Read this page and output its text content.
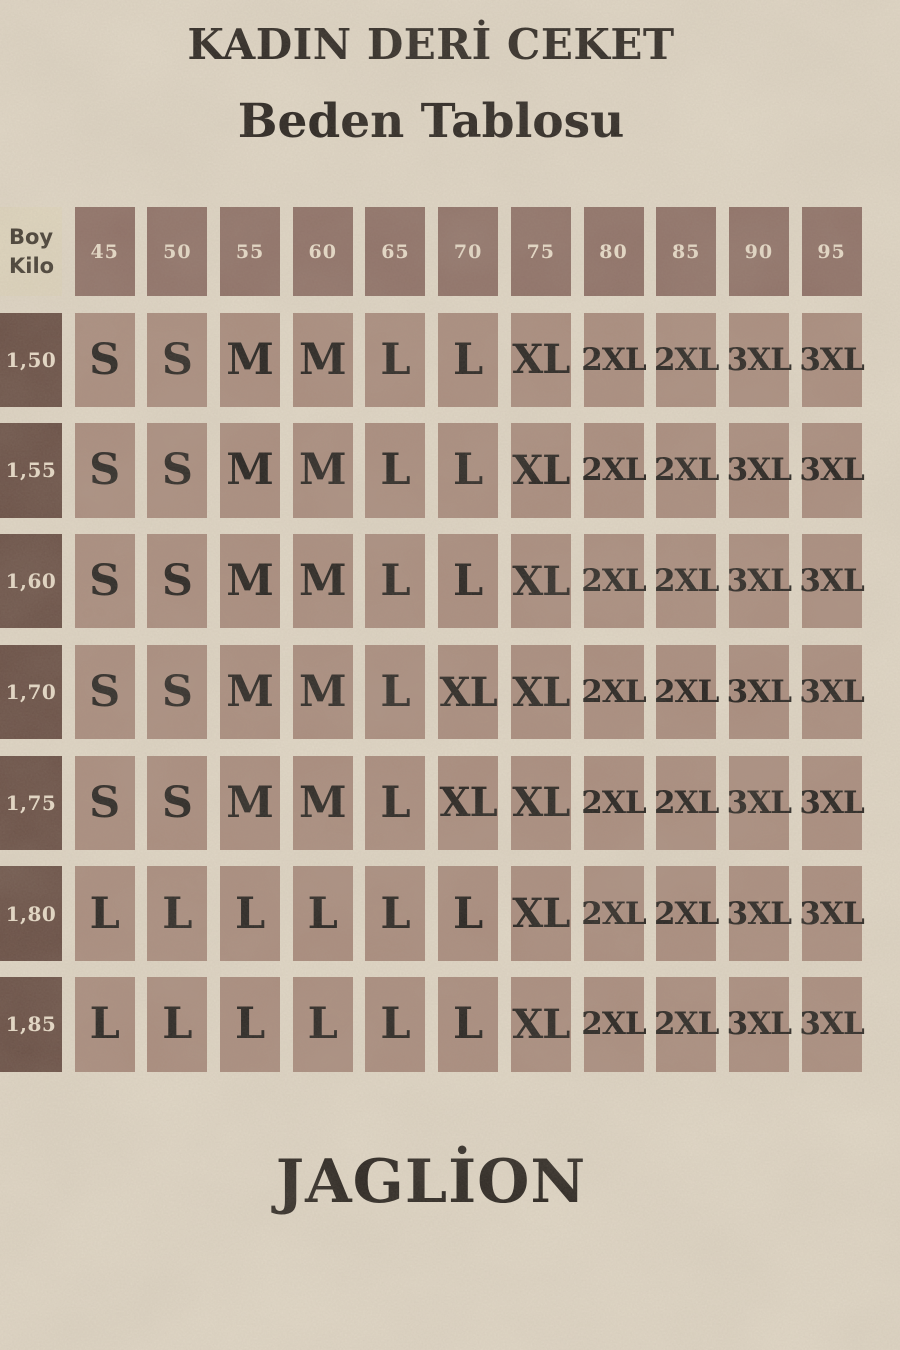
KADIN DERİ CEKET
Beden Tablosu
Boy
Kilo
45	50	55	60	65	70	75	80	85	90	95
1,50 S S M M L L XL 2XL 2XL 3XL 3XL
1,55 S S M M L L XL 2XL 2XL 3XL 3XL
1,60 S S M M L L XL 2XL 2XL 3XL 3XL
1,70 S S M M L XL XL 2XL 2XL 3XL 3XL
1,75 S S M M L XL XL 2XL 2XL 3XL 3XL
1,80 L L L L L L XL 2XL 2XL 3XL 3XL
1,85 L L L L L L XL 2XL 2XL 3XL 3XL

JAGLİON
